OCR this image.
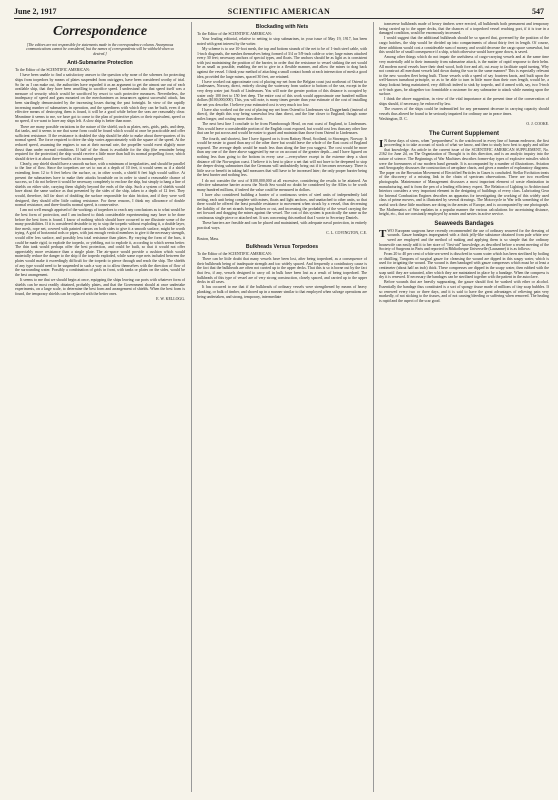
June 2, 1917	SCIENTIFIC AMERICAN	547
Correspondence
[The editors are not responsible for statements made in the correspondence column. Anonymous communications cannot be considered, but the names of correspondents will be withheld when so desired.]
Anti-Submarine Protection

To the Editor of the SCIENTIFIC AMERICAN:

I have been unable to find a satisfactory answer to the question why none of the schemes for protecting ships from torpedoes by means of plates suspended from outriggers, have been considered worthy of trial. So far as I can make out, the authorities have regarded it as an argument to get the utmost use out of each available ship, that they have been unwilling to sacrifice speed. I understand also that speed itself was a measure of security which would be sacrificed by resort to such protective measures. Nevertheless, the inadequacy of speed and guns mounted on the merchantmen as insurances against successful attack, has been startlingly demonstrated by the increasing losses during the past fortnight. In view of the rapidly increasing number of submarines in operation, and the speediness with which they can be built, even if an effective means of destroying them is found, it will be a good while before the seas are reasonably clear. Meantime it seems to me, we have got to come to the plan of protective plates or their equivalent, speed or no speed, if we want to have any ships left. A slow ship is better than none.

There are many possible variations in the nature of the shield, such as plates, nets, grids, pads, and deep, flat tanks, and it seems to me that some form could be found which would at once be practicable and offer sufficient resistance. If the resistance is doubled the ship should be able to make about three-quarters of its normal speed. The force required to drive the ship varies approximately with the square of the speed. At the reduced speed, assuming the engines to run at their normal rate, the propeller would exert slightly more thrust than under normal conditions. If half of the thrust is available for the ship (the remainder being required for the protection) the ship would receive a little more than half its normal propelling force, which should drive it at about three-fourths of its normal speed.

Clearly, any shield should have a smooth surface, with a minimum of irregularities, and should be parallel to the line of flow. Since the torpedoes are set to run at a depth of 10 feet, it would seem as if a shield extending from 12 to 6 feet below the surface, or, in other words, a shield 6 feet high would suffice. At present the submarines have to make their attacks broadside on in order to stand a reasonable chance of success, so I do not believe it would be necessary completely to enclose the ship, but simply to hang a line of shields on either side, carrying them slightly beyond the ends of the ship. Such a system of shields would have about the same surface as that presented by the sides of the ship, taken to a depth of 12 feet. They would, therefore, fall far short of doubling the surface responsible for skin friction, and if they were well designed, they should offer little cutting resistance. For these reasons, I think my allowance of double normal resistance, and three-fourths normal speed, is conservative.

I am not well enough apprised of the workings of torpedoes to reach any conclusions as to what would be the best form of protection, and I am inclined to think considerable experimenting may have to be done before the best form is found. I know of nothing which should have occurred to me illustrate some of the many possibilities. If it is considered desirable to try to stop the torpedo without exploding it, a double layer, fine mesh, rope net, covered with painted canvas on both sides to give it a smooth surface, might be worth trying. A grid of horizontal rods or pipes, with just enough vertical members to give it the necessary strength, would offer less surface, and possibly less total resistance than plates. By varying the form of the bars, it could be made rigid, to explode the torpedo, or yielding, not to explode it, according to which seems better. The thin tank would perhaps offer the best protection, and could be built, so that it would not offer appreciably more resistance than a single plate. The air-space would provide a cushion which would materially reduce the danger to the ship if the torpedo exploded, while some rope nets included between the plates would make it exceedingly difficult for the torpedo to pierce through and reach the ship. The shields of any type would need to be suspended in such a way as to allow themselves with the direction of flow of the surrounding water. Possibly a combination of grids in front, with tanks or plates on the sides, would be the best arrangement.

It seems to me that we should begin at once, equipping the ships leaving our ports with whatever form of shields can be most readily obtained, probably plates, and that the Government should at once undertake experiments, on a large scale, to determine the best form and arrangement of shields. When the best form is found, the temporary shields can be replaced with the better ones.

E. W. KELLOGG.

Blockading with Nets

To the Editor of the SCIENTIFIC AMERICAN:

Your leading editorial, relative to netting to stop submarines, in your issue of May 19, 1917, has been noted with great interest by the writer.

My scheme is to use 10-foot mesh, the top and bottom strands of the net to be of 1-inch steel cable, with 1-inch diagonals, the meshes themselves being formed of 3/4 or 5/8-inch cable or wire; large mines attached every 30 feet; necessary anchors of special types, and floats. The anchors should be as light as is consistent with just maintaining the position of the barrier, in order that the resistance to vessel striking the net would be as small as possible, enabling the net to give in a flexible manner, and allow the mines to drag back against the vessel. I think your method of attaching a small contact bomb at each intersection of mesh a good idea, provided the large mines, spaced 30 feet, are retained.

I have worked out approximate cost of placing my net from the Belgian coast just northeast of Ostend to Lindesnaes, Norway, direct, entirely closing the waterway from surface to bottom of the sea, except in the very deep water just South of Lindesnaes. You will note the greater portion of this distance is occupied by water only 100 feet to 150 feet deep. The entire cost of this work would approximate one hundred million dollars ($100,000,000). This, you will note, is many times greater than your estimate of the cost of installing the net you describe. I believe your estimated cost is very much too low.

I have also worked out the cost of placing my net from Ostend to Lindesnaes via Doggerbank (instead of direct), the depth this way being somewhat less than direct, and the line closer to England; though some miles longer, and costing more than direct.

The next best line I conclude to be from Flamborough Head, on east coast of England, to Lindesnaes. This would leave a considerable portion of the English coast exposed, but would cost less than any other line that can be put across and would be easier to guard and maintain than those from Ostend to Lindesnaes.

The fourth, and shortest, line I have figured on is from Rattray Head, Scotland, to Stavanger, Norway. It would be easier to guard than any of the other three but would leave the whole of the East coast of England exposed. The average depth would be much less than along the line you suggest. The cost would be more than any one of the three above suggested by me or on account of the greater depth—and I have figured on nothing less than going to the bottom in every case —everywhere except in the extreme deep a short distance off the Norwegian coast. I believe it is best to place a net that will not have to be deepened to stop the deeper diving submarines that the Germans will undoubtedly bring out if it becomes necessary. There is little use or benefit in taking half measures that will have to be increased later; the only proper barrier being the best barrier and nothing less.

I do not consider the cost of $100,000,000 at all excessive, considering the results to be attained. An effective submarine barrier across the North Sea would no doubt be considered by the Allies to be worth many hundred millions, if indeed the value could be measured in dollars.

I have also considered building a barrier of a continuous series of steel units of independently laid netting, each unit being complete with mines, floats and light anchors, and unattached to other units, so that there would be offered the least possible resistance to movement when struck by a vessel, thus decreasing the liability of the net strands being broken or cut, and increasing the probability of the vessel carrying the net forward and dragging the mines against the vessel. The cost of this system is practically the same as the continuous single piece or attached net. It was concerning this method that I wrote to Secretary Daniels.

These barriers are feasible and can be placed and maintained, with adequate naval protection, in entirely practical ways.

C. L. COVINGTON, C.E.

Boston, Mass.

Bulkheads Versus Torpedoes

To the Editor of the SCIENTIFIC AMERICAN:

There can be little doubt that many vessels have been lost, after being torpedoed, as a consequence of their bulkheads being of inadequate strength and too widely spaced. And frequently a contributory cause is the fact that the bulkheads are often not carried up to the upper decks. That this is so is borne out by the fact that few, if any, vessels designed to carry oil in bulk have been lost as a result of being torpedoed. The bulkheads of this type of vessel are of very strong construction, closely spaced, and carried up to the upper decks in all cases.

It has occurred to me that if the bulkheads of ordinary vessels were strengthened by means of heavy planking, or balk of timber, and shored up in a manner similar to that employed when salvage operations are being undertaken, and strong, temporary, intermediate

transverse bulkheads made of heavy timbers were erected, all bulkheads both permanent and temporary being carried up to the upper decks, that the chances of a torpedoed vessel reaching port, if it is true in a damaged condition, would be enormously increased.

I would suggest that the additional bulkheads should be so spaced that, governed by the position of the cargo hatches, the ship would be divided up into compartments of about thirty feet in length. Of course, these additions would cost a considerable sum of money, and would decrease the cargo space somewhat, but this would be of small consequence if a ship, which otherwise would have gone down, is saved.

Among other things which do not impair the usefulness of cargo-carrying vessels and at the same time very materially add to their immunity from submarine attack, is the matter of rapid response to their helm. All modern naval vessels have their dead wood, both fore and aft, cut away to facilitate rapid turning. Why not construct all merchant vessels laid down during the war in the same manner? This is especially relevant to the new wooden fleet being built. Those vessels with a speed of say fourteen knots, and built upon the well-known turnabout principle, so as to be able to turn in little more than their own length, would be, a sharp lookout being maintained, very difficult indeed to sink by torpedo, and if armed with, say, two 5-inch or 6-inch guns, be altogether too formidable a customer for any submarine to attack while running upon the surface.

I think the above suggestion, in view of the vital importance at the present time of the conservation of ships should, if necessary, be enforced by law.

The owners of the ships could be indemnified for any permanent decrease in carrying capacity should vessels thus altered be found to be seriously impaired for ordinary use in peace times.

Washington, D. C.

O. J. COOKE.

The Current Supplement

I N these days of stress, when "preparedness" is the watchword in every line of human endeavor, the first proceeding is to take account of stock of what we know, and then to study how best to apply and utilize that knowledge. An article in the current issue of the SCIENTIFIC AMERICAN SUPPLEMENT, No. 2162 for June 2d, on The Organization of Thought is in this direction, and is an analytic inquiry into the nature of science. The Beginnings of War Machines describes former-day types of explosive missiles which were the forerunners of our modern hand grenade. It is accompanied by a number of illustrations. Aviation and Aerography discusses the construction of aeroplane charts, and gives a number of explanatory diagrams. The paper on the Brownian Movement of Electrified Particles in Gases is concluded. Stellar Evolution treats of the discovery of a missing link in the chain of spectrum observations. There are two excellent photographs. Maintenance of Management discusses a most important element of waste elimination in manufacturing, and is from the pen of a leading efficiency expert. The Relation of Lighting to Architectural Interiors considers a very important element in the designing of buildings of every class. Lubricating Gear for Internal Combustion Engines describes an apparatus for investigating the working of this widely used class of prime movers, and is illustrated by several drawings. The Motorcycle in War tells something of the useful work these little machines are doing in the armies of Europe, and is accompanied by one photograph. The Mathematics of War explains in a popular manner the various calculations for ascertaining distance, height, etc., that are constantly employed by armies and navies in active service.

Seaweeds Bandages

TWO European surgeons have recently recommended the use of ordinary seaweed for the dressing of wounds. Gauze bandages impregnated with a thick jelly-like substance obtained from pale white sea-weed are employed and the method of making and applying them is so simple that the ordinary housewife can easily add it to her store of "first-aid" knowledge, as described before a recent meeting of the Society of Surgeons in Paris and reported in Bibliotheque Universelle (Lausanne) it is as follows:

From 20 to 40 per cent of white sea-weed is dissolved in warm water which has been sterilized by boiling or distilling. Tampons of surgical gauze for cleansing the wound are dipped in this soupy water, which is used for irrigating the wound. The wound is then bandaged with gauze compresses which must be at least a centimeter (about half an inch) thick. These compresses are dipped in the soapy water, then rubbed with the soap until they are saturated, after which they are maintained in place by a bandage. When the compress is dry it is renewed. If necessary the bandages can be sterilized together with the patient in the autoclave.

Before wounds that are heavily suppurating, the gauze should first be washed with ether or alcohol. Essentially the bandage thus constituted is a sort of spongy tissue made of millions of tiny soap bubbles. If so renewed every two or three days, and it is said to have the great advantages of relieving pain very markedly, of not sticking to the tissues, and of not causing bleeding or suffering when removed. The healing is rapid and the aspect of the scar good.
